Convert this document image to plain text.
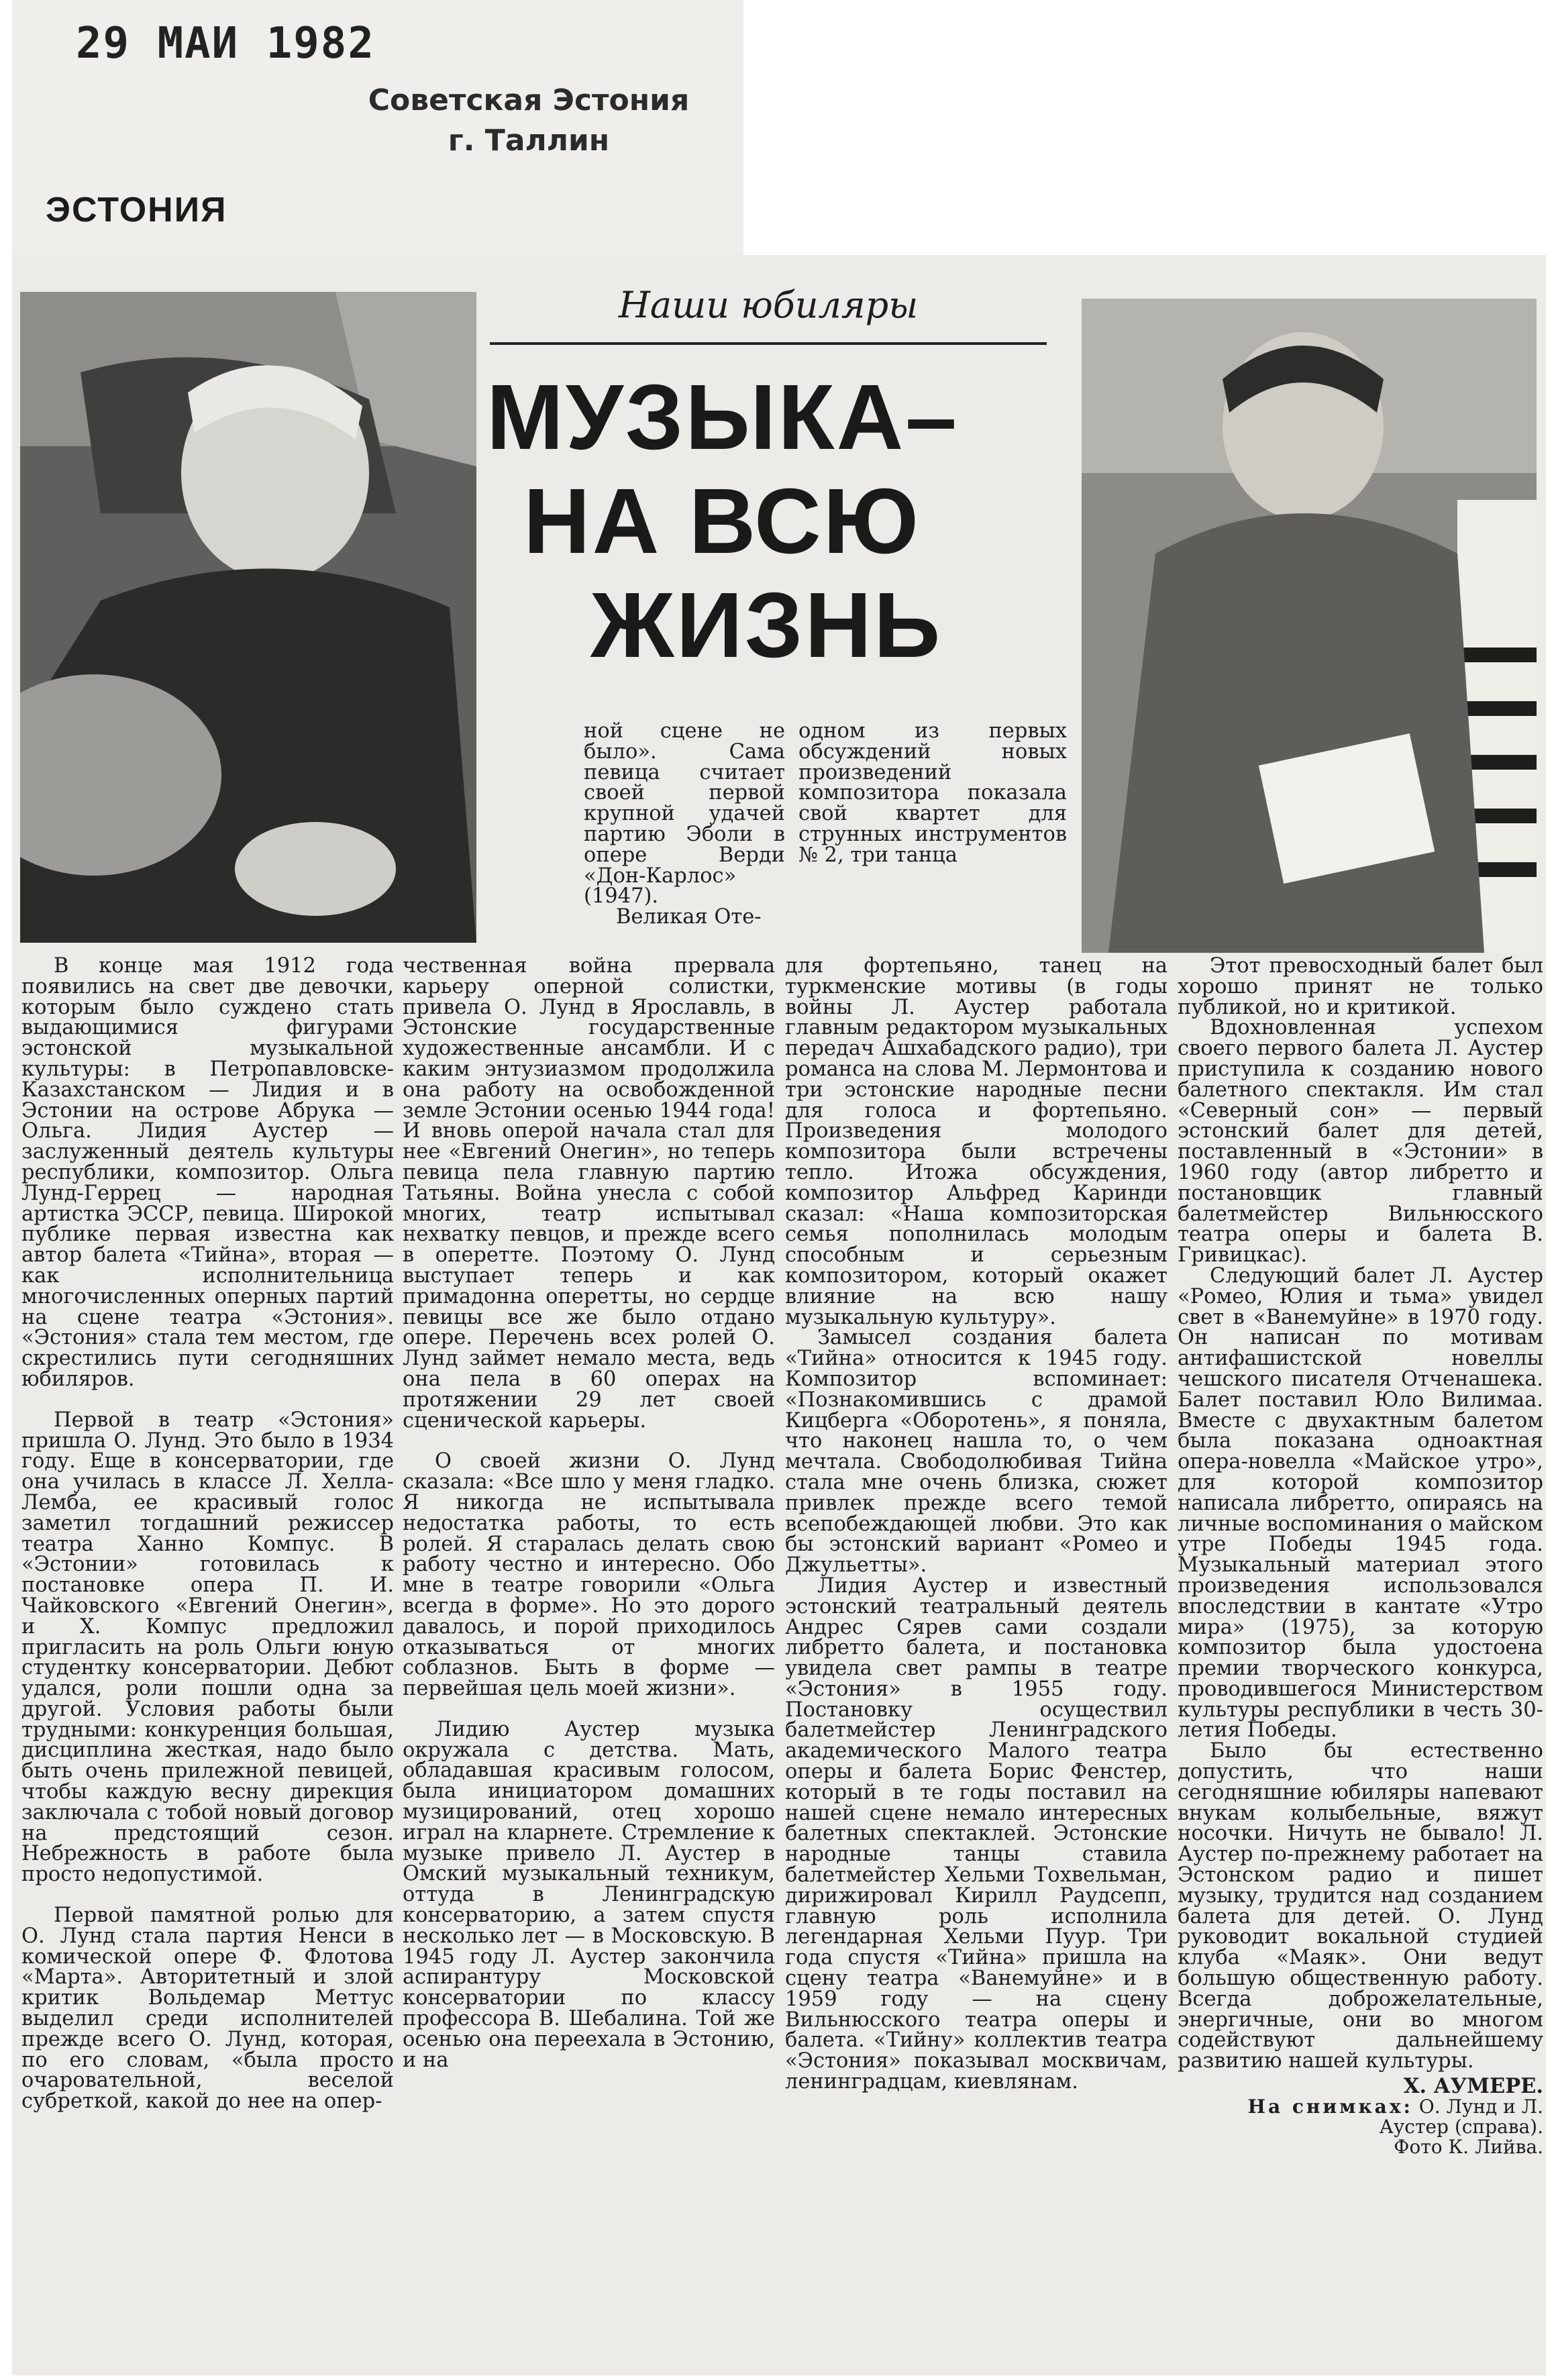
29 МАИ 1982
Советская Эстония
г. Таллин
ЭСТОНИЯ
Наши юбиляры
МУЗЫКА–
НА ВСЮ
ЖИЗНЬ

ной сцене не было». Сама певица считает своей первой крупной удачей партию Эболи в опере Верди «Дон-Карлос» (1947).

Великая Оте-

одном из первых обсуждений новых произведений композитора показала свой квартет для струнных инструментов № 2, три танца

В конце мая 1912 года появились на свет две девочки, которым было суждено стать выдающимися фигурами эстонской музыкальной культуры: в Петропавловске-Казахстанском — Лидия и в Эстонии на острове Абрука — Ольга. Лидия Аустер — заслуженный деятель культуры республики, композитор. Ольга Лунд-Геррец — народная артистка ЭССР, певица. Широкой публике первая известна как автор балета «Тийна», вторая — как исполнительница многочисленных оперных партий на сцене театра «Эстония». «Эстония» стала тем местом, где скрестились пути сегодняшних юбиляров.

Первой в театр «Эстония» пришла О. Лунд. Это было в 1934 году. Еще в консерватории, где она училась в классе Л. Хелла-Лемба, ее красивый голос заметил тогдашний режиссер театра Ханно Компус. В «Эстонии» готовилась к постановке опера П. И. Чайковского «Евгений Онегин», и Х. Компус предложил пригласить на роль Ольги юную студентку консерватории. Дебют удался, роли пошли одна за другой. Условия работы были трудными: конкуренция большая, дисциплина жесткая, надо было быть очень прилежной певицей, чтобы каждую весну дирекция заключала с тобой новый договор на предстоящий сезон. Небрежность в работе была просто недопустимой.

Первой памятной ролью для О. Лунд стала партия Ненси в комической опере Ф. Флотова «Марта». Авторитетный и злой критик Вольдемар Меттус выделил среди исполнителей прежде всего О. Лунд, которая, по его словам, «была просто очаровательной, веселой субреткой, какой до нее на опер-

чественная война прервала карьеру оперной солистки, привела О. Лунд в Ярославль, в Эстонские государственные художественные ансамбли. И с каким энтузиазмом продолжила она работу на освобожденной земле Эстонии осенью 1944 года! И вновь оперой начала стал для нее «Евгений Онегин», но теперь певица пела главную партию Татьяны. Война унесла с собой многих, театр испытывал нехватку певцов, и прежде всего в оперетте. Поэтому О. Лунд выступает теперь и как примадонна оперетты, но сердце певицы все же было отдано опере. Перечень всех ролей О. Лунд займет немало места, ведь она пела в 60 операх на протяжении 29 лет своей сценической карьеры.

О своей жизни О. Лунд сказала: «Все шло у меня гладко. Я никогда не испытывала недостатка работы, то есть ролей. Я старалась делать свою работу честно и интересно. Обо мне в театре говорили «Ольга всегда в форме». Но это дорого давалось, и порой приходилось отказываться от многих соблазнов. Быть в форме — первейшая цель моей жизни».

Лидию Аустер музыка окружала с детства. Мать, обладавшая красивым голосом, была инициатором домашних музицирований, отец хорошо играл на кларнете. Стремление к музыке привело Л. Аустер в Омский музыкальный техникум, оттуда в Ленинградскую консерваторию, а затем спустя несколько лет — в Московскую. В 1945 году Л. Аустер закончила аспирантуру Московской консерватории по классу профессора В. Шебалина. Той же осенью она переехала в Эстонию, и на

для фортепьяно, танец на туркменские мотивы (в годы войны Л. Аустер работала главным редактором музыкальных передач Ашхабадского радио), три романса на слова М. Лермонтова и три эстонские народные песни для голоса и фортепьяно. Произведения молодого композитора были встречены тепло. Итожа обсуждения, композитор Альфред Каринди сказал: «Наша композиторская семья пополнилась молодым способным и серьезным композитором, который окажет влияние на всю нашу музыкальную культуру».

Замысел создания балета «Тийна» относится к 1945 году. Композитор вспоминает: «Познакомившись с драмой Кицберга «Оборотень», я поняла, что наконец нашла то, о чем мечтала. Свободолюбивая Тийна стала мне очень близка, сюжет привлек прежде всего темой всепобеждающей любви. Это как бы эстонский вариант «Ромео и Джульетты».

Лидия Аустер и известный эстонский театральный деятель Андрес Сярев сами создали либретто балета, и постановка увидела свет рампы в театре «Эстония» в 1955 году. Постановку осуществил балетмейстер Ленинградского академического Малого театра оперы и балета Борис Фенстер, который в те годы поставил на нашей сцене немало интересных балетных спектаклей. Эстонские народные танцы ставила балетмейстер Хельми Тохвельман, дирижировал Кирилл Раудсепп, главную роль исполнила легендарная Хельми Пуур. Три года спустя «Тийна» пришла на сцену театра «Ванемуйне» и в 1959 году — на сцену Вильнюсского театра оперы и балета. «Тийну» коллектив театра «Эстония» показывал москвичам, ленинградцам, киевлянам.

Этот превосходный балет был хорошо принят не только публикой, но и критикой.

Вдохновленная успехом своего первого балета Л. Аустер приступила к созданию нового балетного спектакля. Им стал «Северный сон» — первый эстонский балет для детей, поставленный в «Эстонии» в 1960 году (автор либретто и постановщик главный балетмейстер Вильнюсского театра оперы и балета В. Гривицкас).

Следующий балет Л. Аустер «Ромео, Юлия и тьма» увидел свет в «Ванемуйне» в 1970 году. Он написан по мотивам антифашистской новеллы чешского писателя Отченашека. Балет поставил Юло Вилимаа. Вместе с двухактным балетом была показана одноактная опера-новелла «Майское утро», для которой композитор написала либретто, опираясь на личные воспоминания о майском утре Победы 1945 года. Музыкальный материал этого произведения использовался впоследствии в кантате «Утро мира» (1975), за которую композитор была удостоена премии творческого конкурса, проводившегося Министерством культуры республики в честь 30-летия Победы.

Было бы естественно допустить, что наши сегодняшние юбиляры напевают внукам колыбельные, вяжут носочки. Ничуть не бывало! Л. Аустер по-прежнему работает на Эстонском радио и пишет музыку, трудится над созданием балета для детей. О. Лунд руководит вокальной студией клуба «Маяк». Они ведут большую общественную работу. Всегда доброжелательные, энергичные, они во многом содействуют дальнейшему развитию нашей культуры.

Х. АУМЕРЕ.
На снимках: О. Лунд и Л. Аустер (справа).
Фото К. Лийва.
